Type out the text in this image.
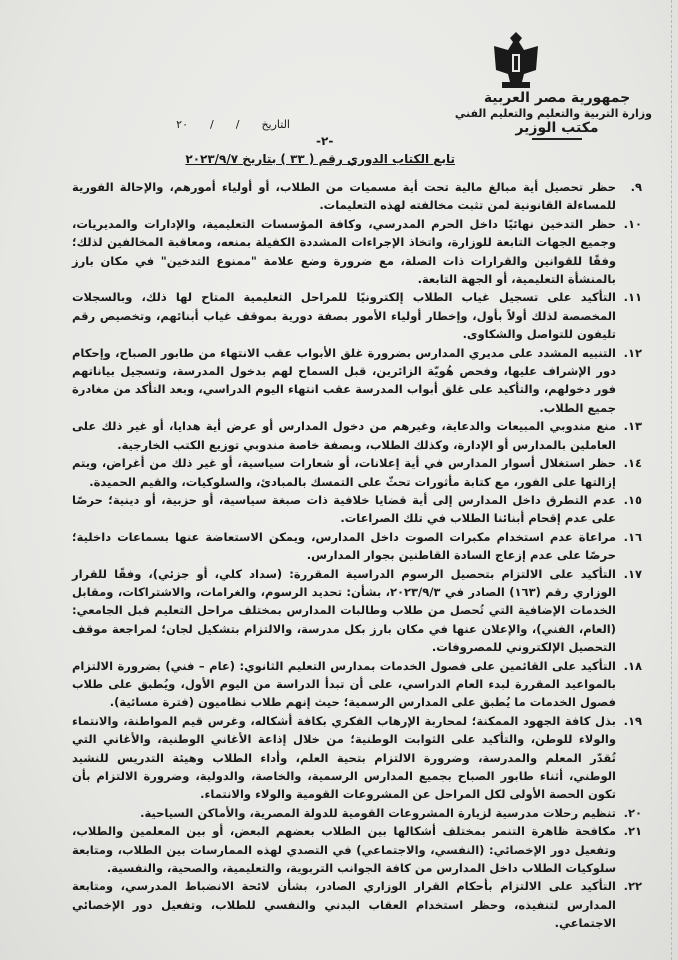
جمهورية مصر العربية
وزارة التربية والتعليم والتعليم الفني
مكتب الوزير
التاريخ
/
/
٢٠
-٢-
تابع الكتاب الدوري رقم ( ٣٣ ) بتاريخ ٢٠٢٣/٩/٧
٩.
حظر تحصيل أية مبالغ مالية تحت أية مسميات من الطلاب، أو أولياء أمورهم، والإحالة الفورية للمساءلة القانونية لمن تثبت مخالفته لهذه التعليمات.
١٠.
حظر التدخين نهائيًا داخل الحرم المدرسي، وكافة المؤسسات التعليمية، والإدارات والمديريات، وجميع الجهات التابعة للوزارة، واتخاذ الإجراءات المشددة الكفيلة بمنعه، ومعاقبة المخالفين لذلك؛ وفقًا للقوانين والقرارات ذات الصلة، مع ضرورة وضع علامة "ممنوع التدخين" في مكان بارز بالمنشأة التعليمية، أو الجهة التابعة.
١١.
التأكيد على تسجيل غياب الطلاب إلكترونيًا للمراحل التعليمية المتاح لها ذلك، وبالسجلات المخصصة لذلك أولاً بأول، وإخطار أولياء الأمور بصفة دورية بموقف غياب أبنائهم، وتخصيص رقم تليفون للتواصل والشكاوى.
١٢.
التنبيه المشدد على مديري المدارس بضرورة غلق الأبواب عقب الانتهاء من طابور الصباح، وإحكام دور الإشراف عليها، وفحص هُويّة الزائرين، قبل السماح لهم بدخول المدرسة، وتسجيل بياناتهم فور دخولهم، والتأكيد على غلق أبواب المدرسة عقب انتهاء اليوم الدراسي، وبعد التأكد من مغادرة جميع الطلاب.
١٣.
منع مندوبي المبيعات والدعاية، وغيرهم من دخول المدارس أو عرض أية هدايا، أو غير ذلك على العاملين بالمدارس أو الإدارة، وكذلك الطلاب، وبصفة خاصة مندوبي توزيع الكتب الخارجية.
١٤.
حظر استغلال أسوار المدارس في أية إعلانات، أو شعارات سياسية، أو غير ذلك من أغراض، ويتم إزالتها على الفور، مع كتابة مأثورات تحثّ على التمسك بالمبادئ، والسلوكيات، والقيم الحميدة.
١٥.
عدم التطرق داخل المدارس إلى أية قضايا خلافية ذات صبغة سياسية، أو حزبية، أو دينية؛ حرصًا على عدم إقحام أبنائنا الطلاب في تلك الصراعات.
١٦.
مراعاة عدم استخدام مكبرات الصوت داخل المدارس، ويمكن الاستعاضة عنها بسماعات داخلية؛ حرصًا على عدم إزعاج السادة القاطنين بجوار المدارس.
١٧.
التأكيد على الالتزام بتحصيل الرسوم الدراسية المقررة: (سداد كلي، أو جزئي)، وفقًا للقرار الوزاري رقم (١٦٣) الصادر في ٢٠٢٣/٩/٣، بشأن: تحديد الرسوم، والغرامات، والاشتراكات، ومقابل الخدمات الإضافية التي تُحصل من طلاب وطالبات المدارس بمختلف مراحل التعليم قبل الجامعي: (العام، الفني)، والإعلان عنها في مكان بارز بكل مدرسة، والالتزام بتشكيل لجان؛ لمراجعة موقف التحصيل الإلكتروني للمصروفات.
١٨.
التأكيد على القائمين على فصول الخدمات بمدارس التعليم الثانوي: (عام – فني) بضرورة الالتزام بالمواعيد المقررة لبدء العام الدراسي، على أن تبدأ الدراسة من اليوم الأول، ويُطبق على طلاب فصول الخدمات ما يُطبق على المدارس الرسمية؛ حيث إنهم طلاب نظاميون (فترة مسائية).
١٩.
بذل كافة الجهود الممكنة؛ لمحاربة الإرهاب الفكري بكافة أشكاله، وغرس قيم المواطنة، والانتماء والولاء للوطن، والتأكيد على الثوابت الوطنية؛ من خلال إذاعة الأغاني الوطنية، والأغاني التي تُقدّر المعلم والمدرسة، وضرورة الالتزام بتحية العلم، وأداء الطلاب وهيئة التدريس للنشيد الوطني، أثناء طابور الصباح بجميع المدارس الرسمية، والخاصة، والدولية، وضرورة الالتزام بأن تكون الحصة الأولى لكل المراحل عن المشروعات القومية والولاء والانتماء.
٢٠.
تنظيم رحلات مدرسية لزيارة المشروعات القومية للدولة المصرية، والأماكن السياحية.
٢١.
مكافحة ظاهرة التنمر بمختلف أشكالها بين الطلاب بعضهم البعض، أو بين المعلمين والطلاب، وتفعيل دور الإخصائي: (النفسي، والاجتماعي) في التصدي لهذه الممارسات بين الطلاب، ومتابعة سلوكيات الطلاب داخل المدارس من كافة الجوانب التربوية، والتعليمية، والصحية، والنفسية.
٢٢.
التأكيد على الالتزام بأحكام القرار الوزاري الصادر، بشأن لائحة الانضباط المدرسي، ومتابعة المدارس لتنفيذه، وحظر استخدام العقاب البدني والنفسي للطلاب، وتفعيل دور الإخصائي الاجتماعي.
